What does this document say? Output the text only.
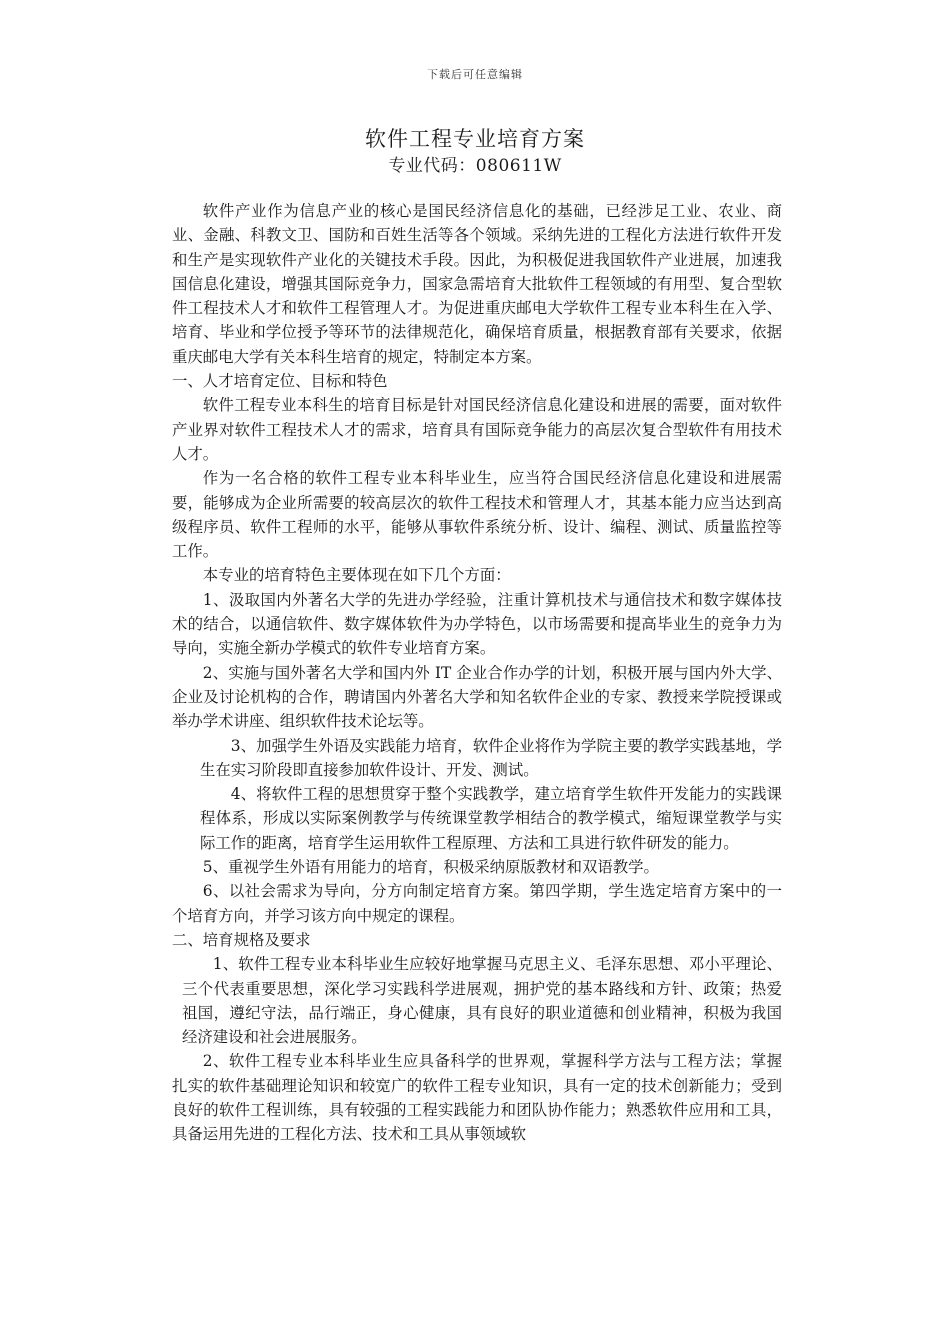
下载后可任意编辑
软件工程专业培育方案
专业代码：080611W

软件产业作为信息产业的核心是国民经济信息化的基础，已经涉足工业、农业、商业、金融、科教文卫、国防和百姓生活等各个领域。采纳先进的工程化方法进行软件开发和生产是实现软件产业化的关键技术手段。因此，为积极促进我国软件产业进展，加速我国信息化建设，增强其国际竞争力，国家急需培育大批软件工程领域的有用型、复合型软件工程技术人才和软件工程管理人才。为促进重庆邮电大学软件工程专业本科生在入学、培育、毕业和学位授予等环节的法律规范化，确保培育质量，根据教育部有关要求，依据重庆邮电大学有关本科生培育的规定，特制定本方案。

一、人才培育定位、目标和特色

软件工程专业本科生的培育目标是针对国民经济信息化建设和进展的需要，面对软件产业界对软件工程技术人才的需求，培育具有国际竞争能力的高层次复合型软件有用技术人才。

作为一名合格的软件工程专业本科毕业生，应当符合国民经济信息化建设和进展需要，能够成为企业所需要的较高层次的软件工程技术和管理人才，其基本能力应当达到高级程序员、软件工程师的水平，能够从事软件系统分析、设计、编程、测试、质量监控等工作。

本专业的培育特色主要体现在如下几个方面：

1、汲取国内外著名大学的先进办学经验，注重计算机技术与通信技术和数字媒体技术的结合，以通信软件、数字媒体软件为办学特色，以市场需要和提高毕业生的竞争力为导向，实施全新办学模式的软件专业培育方案。

2、实施与国外著名大学和国内外 IT 企业合作办学的计划，积极开展与国内外大学、企业及讨论机构的合作，聘请国内外著名大学和知名软件企业的专家、教授来学院授课或举办学术讲座、组织软件技术论坛等。

3、加强学生外语及实践能力培育，软件企业将作为学院主要的教学实践基地，学生在实习阶段即直接参加软件设计、开发、测试。

4、将软件工程的思想贯穿于整个实践教学，建立培育学生软件开发能力的实践课程体系，形成以实际案例教学与传统课堂教学相结合的教学模式，缩短课堂教学与实际工作的距离，培育学生运用软件工程原理、方法和工具进行软件研发的能力。

5、重视学生外语有用能力的培育，积极采纳原版教材和双语教学。

6、以社会需求为导向，分方向制定培育方案。第四学期，学生选定培育方案中的一个培育方向，并学习该方向中规定的课程。

二、培育规格及要求

1、软件工程专业本科毕业生应较好地掌握马克思主义、毛泽东思想、邓小平理论、三个代表重要思想，深化学习实践科学进展观，拥护党的基本路线和方针、政策；热爱祖国，遵纪守法，品行端正，身心健康，具有良好的职业道德和创业精神，积极为我国经济建设和社会进展服务。

2、软件工程专业本科毕业生应具备科学的世界观，掌握科学方法与工程方法；掌握扎实的软件基础理论知识和较宽广的软件工程专业知识，具有一定的技术创新能力；受到良好的软件工程训练，具有较强的工程实践能力和团队协作能力；熟悉软件应用和工具，具备运用先进的工程化方法、技术和工具从事领域软
